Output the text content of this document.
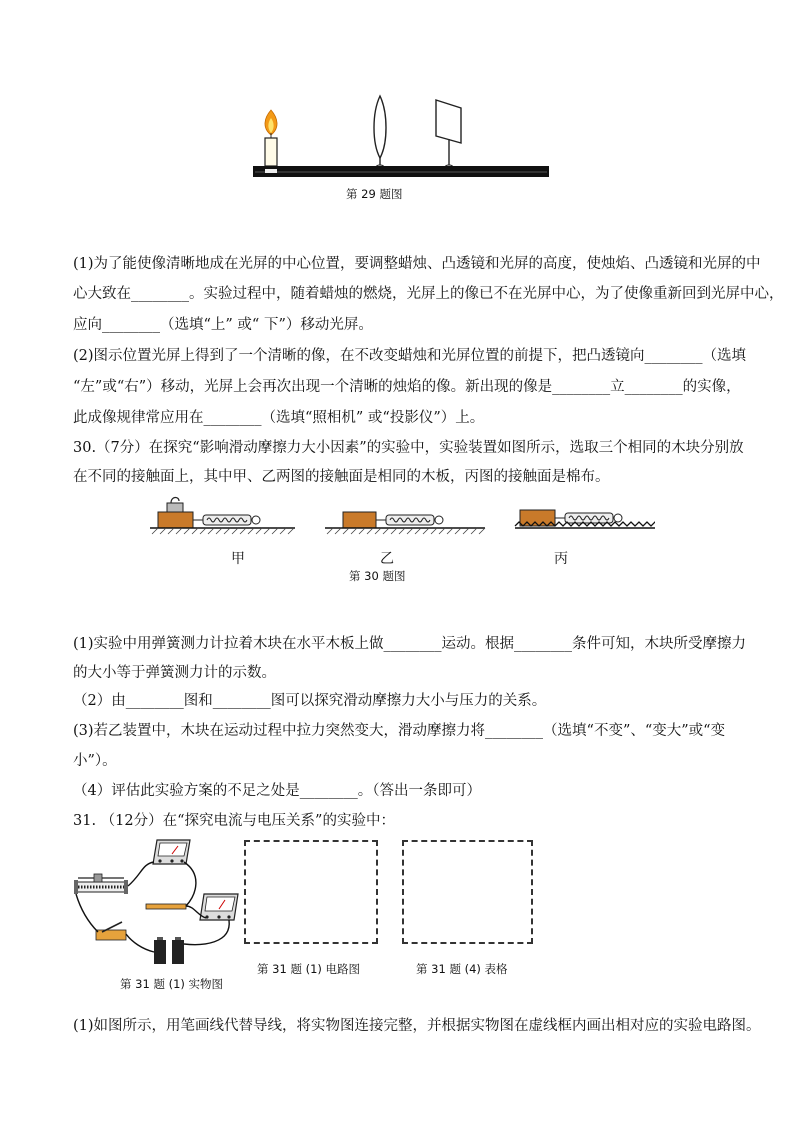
第 29 题图
(1)为了能使像清晰地成在光屏的中心位置，要调整蜡烛、凸透镜和光屏的高度，使烛焰、凸透镜和光屏的中
心大致在________。实验过程中，随着蜡烛的燃烧，光屏上的像已不在光屏中心，为了使像重新回到光屏中心，
应向________（选填“上” 或“ 下”）移动光屏。
(2)图示位置光屏上得到了一个清晰的像，在不改变蜡烛和光屏位置的前提下，把凸透镜向________（选填
“左”或“右”）移动，光屏上会再次出现一个清晰的烛焰的像。新出现的像是________立________的实像，
此成像规律常应用在________（选填“照相机” 或“投影仪”）上。
30.（7分）在探究“影响滑动摩擦力大小因素”的实验中，实验装置如图所示，选取三个相同的木块分别放
在不同的接触面上，其中甲、乙两图的接触面是相同的木板，丙图的接触面是棉布。
甲	乙	丙
第 30 题图
(1)实验中用弹簧测力计拉着木块在水平木板上做________运动。根据________条件可知，木块所受摩擦力
的大小等于弹簧测力计的示数。
（2）由________图和________图可以探究滑动摩擦力大小与压力的关系。
(3)若乙装置中，木块在运动过程中拉力突然变大，滑动摩擦力将________（选填“不变”、“变大”或“变
小”）。
（4）评估此实验方案的不足之处是________。（答出一条即可）
31. （12分）在“探究电流与电压关系”的实验中：
第 31 题 (1) 实物图
第 31 题 (1) 电路图	第 31 题 (4) 表格
(1)如图所示，用笔画线代替导线，将实物图连接完整，并根据实物图在虚线框内画出相对应的实验电路图。
